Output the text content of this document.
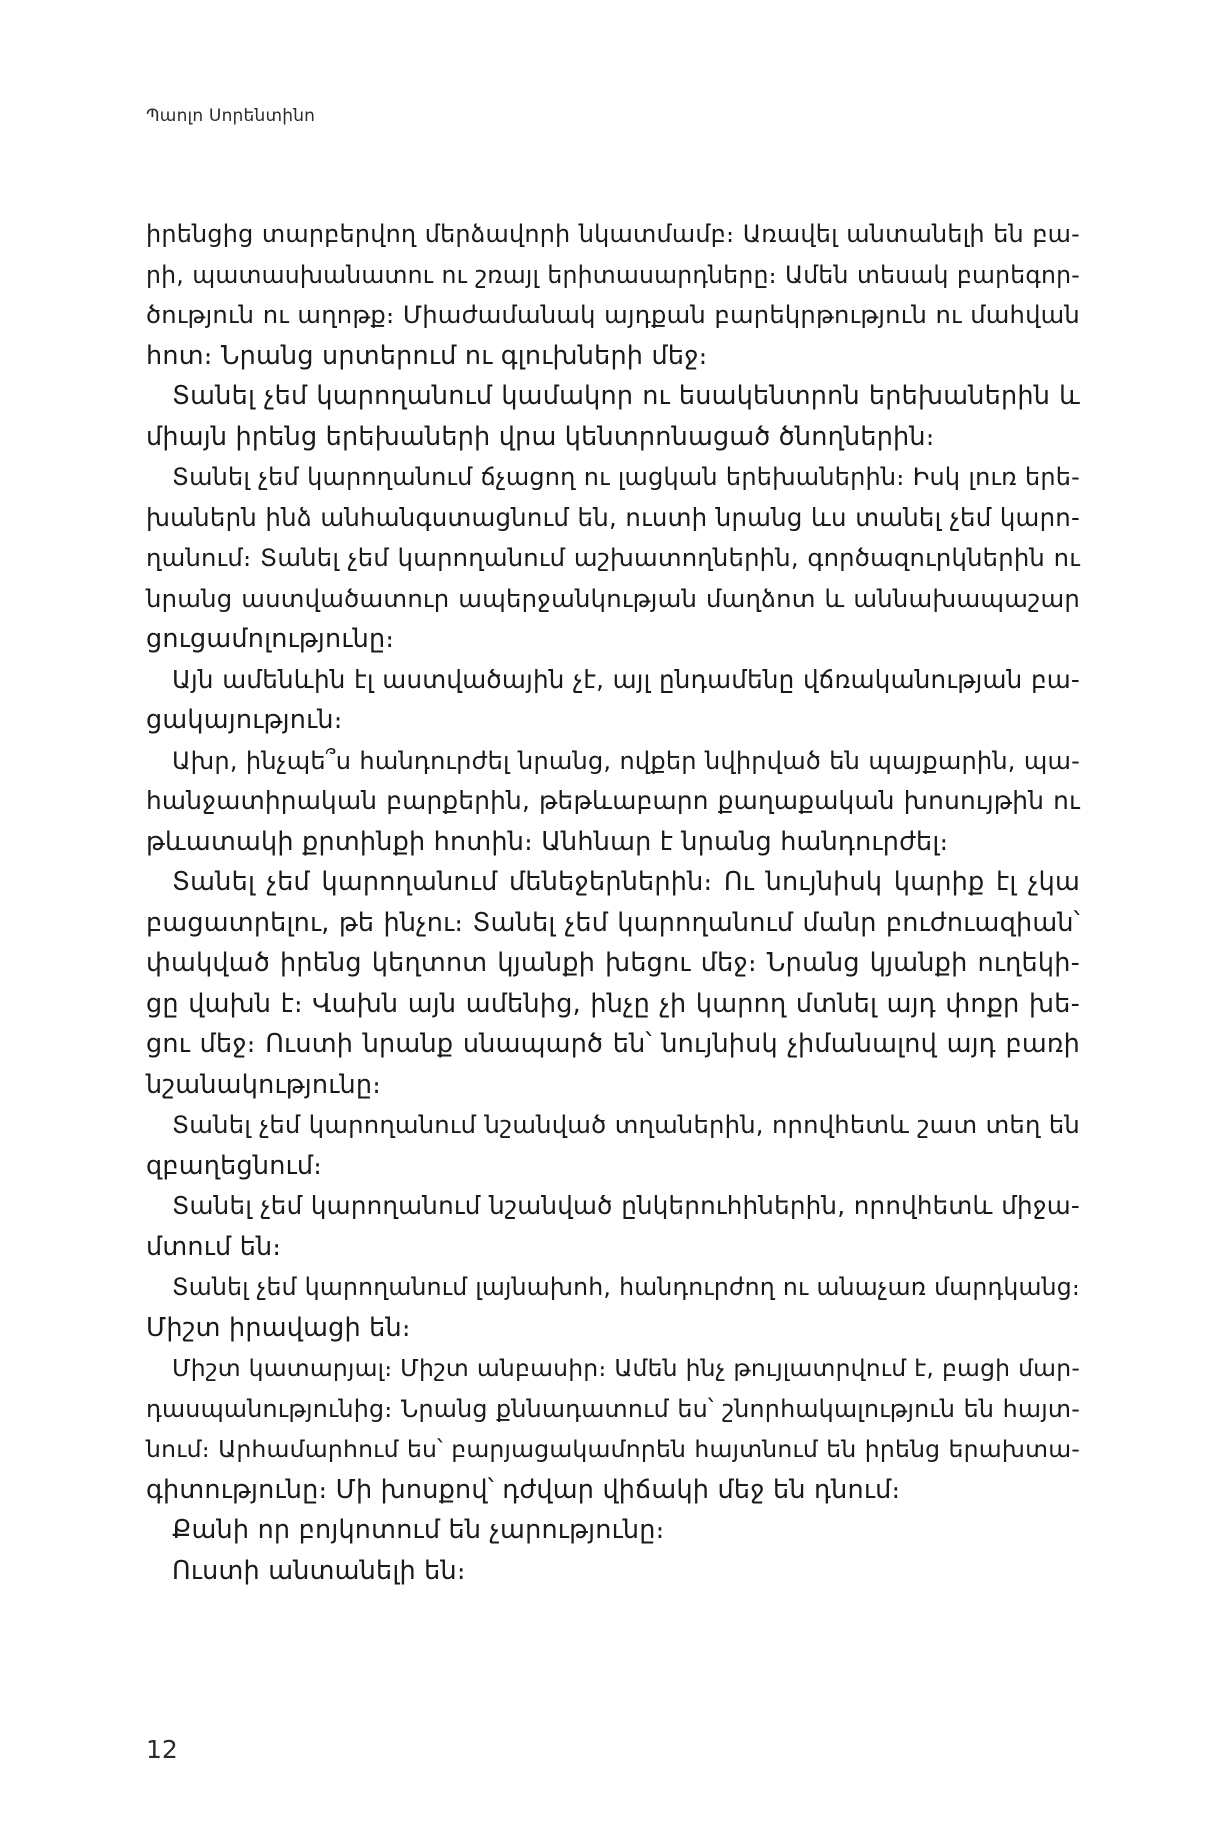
Պաոլո Սորենտինո
իրենցից տարբերվող մերձավորի նկատմամբ։ Առավել անտանելի են բա-
րի, պատասխանատու ու շռայլ երիտասարդները։ Ամեն տեսակ բարեգոր-
ծություն ու աղոթք։ Միաժամանակ այդքան բարեկրթություն ու մահվան
հոտ։ Նրանց սրտերում ու գլուխների մեջ։
Տանել չեմ կարողանում կամակոր ու եսակենտրոն երեխաներին և
միայն իրենց երեխաների վրա կենտրոնացած ծնողներին։
Տանել չեմ կարողանում ճչացող ու լացկան երեխաներին։ Իսկ լուռ երե-
խաներն ինձ անհանգստացնում են, ուստի նրանց ևս տանել չեմ կարո-
ղանում։ Տանել չեմ կարողանում աշխատողներին, գործազուրկներին ու
նրանց աստվածատուր ապերջանկության մաղձոտ և աննախապաշար
ցուցամոլությունը։
Այն ամենևին էլ աստվածային չէ, այլ ընդամենը վճռականության բա-
ցակայություն։
Ախր, ինչպե՞ս հանդուրժել նրանց, ովքեր նվիրված են պայքարին, պա-
հանջատիրական բարքերին, թեթևաբարո քաղաքական խոսույթին ու
թևատակի քրտինքի հոտին։ Անհնար է նրանց հանդուրժել։
Տանել չեմ կարողանում մենեջերներին։ Ու նույնիսկ կարիք էլ չկա
բացատրելու, թե ինչու։ Տանել չեմ կարողանում մանր բուժուազիան՝
փակված իրենց կեղտոտ կյանքի խեցու մեջ։ Նրանց կյանքի ուղեկի-
ցը վախն է։ Վախն այն ամենից, ինչը չի կարող մտնել այդ փոքր խե-
ցու մեջ։ Ուստի նրանք սնապարծ են՝ նույնիսկ չիմանալով այդ բառի
նշանակությունը։
Տանել չեմ կարողանում նշանված տղաներին, որովհետև շատ տեղ են
զբաղեցնում։
Տանել չեմ կարողանում նշանված ընկերուհիներին, որովհետև միջա-
մտում են։
Տանել չեմ կարողանում լայնախոհ, հանդուրժող ու անաչառ մարդկանց։
Միշտ իրավացի են։
Միշտ կատարյալ։ Միշտ անբասիր։ Ամեն ինչ թույլատրվում է, բացի մար-
դասպանությունից։ Նրանց քննադատում ես՝ շնորհակալություն են հայտ-
նում։ Արհամարհում ես՝ բարյացակամորեն հայտնում են իրենց երախտա-
գիտությունը։ Մի խոսքով՝ դժվար վիճակի մեջ են դնում։
Քանի որ բոյկոտում են չարությունը։
Ուստի անտանելի են։
12
